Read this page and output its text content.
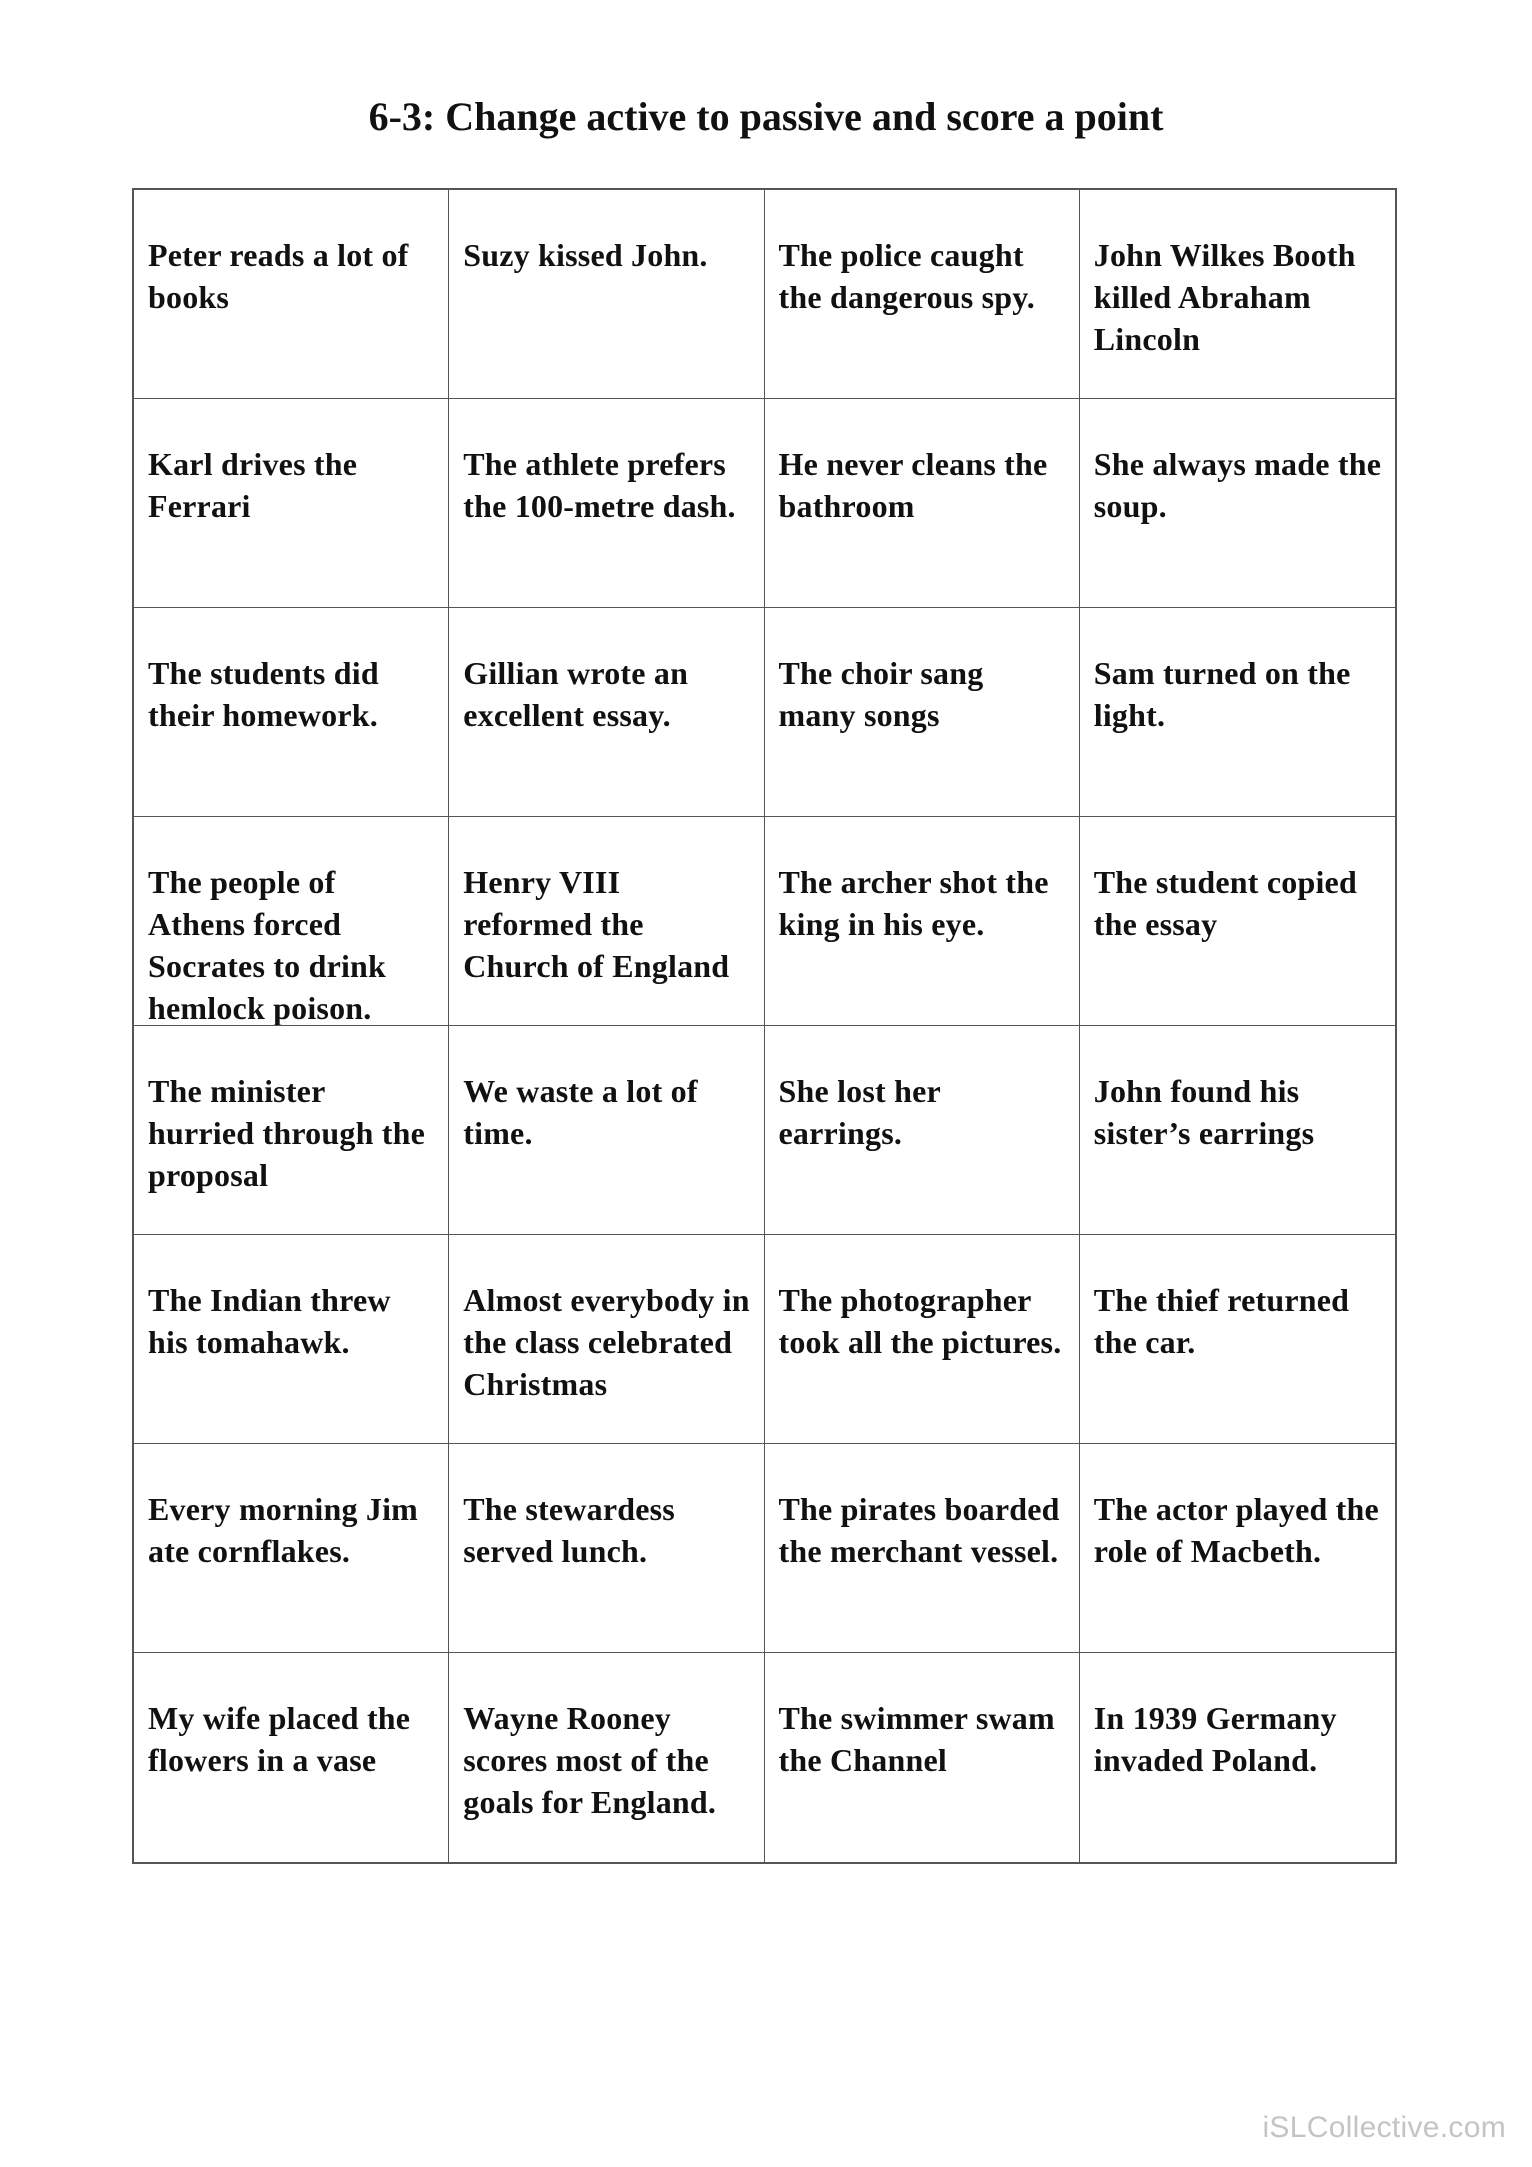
6-3: Change active to passive and score a point
Peter reads a lot of books
Suzy kissed John.	The police caught the dangerous spy.
John Wilkes Booth killed Abraham Lincoln
Karl drives the Ferrari
The athlete prefers the 100-metre dash.
He never cleans the bathroom
She always made the soup.
The students did their homework.
Gillian wrote an excellent essay.
The choir sang many songs
Sam turned on the light.
The people of Athens forced Socrates to drink hemlock poison.
Henry VIII reformed the Church of England
The archer shot the king in his eye.
The student copied the essay
The minister hurried through the proposal
We waste a lot of time.
She lost her earrings.
John found his sister’s earrings
The Indian threw his tomahawk.
Almost everybody in the class celebrated Christmas
The photographer took all the pictures.
The thief returned the car.
Every morning Jim ate cornflakes.
The stewardess served lunch.
The pirates boarded the merchant vessel.
The actor played the role of Macbeth.
My wife placed the flowers in a vase
Wayne Rooney scores most of the goals for England.
The swimmer swam the Channel
In 1939 Germany invaded Poland.
iSLCollective.com
